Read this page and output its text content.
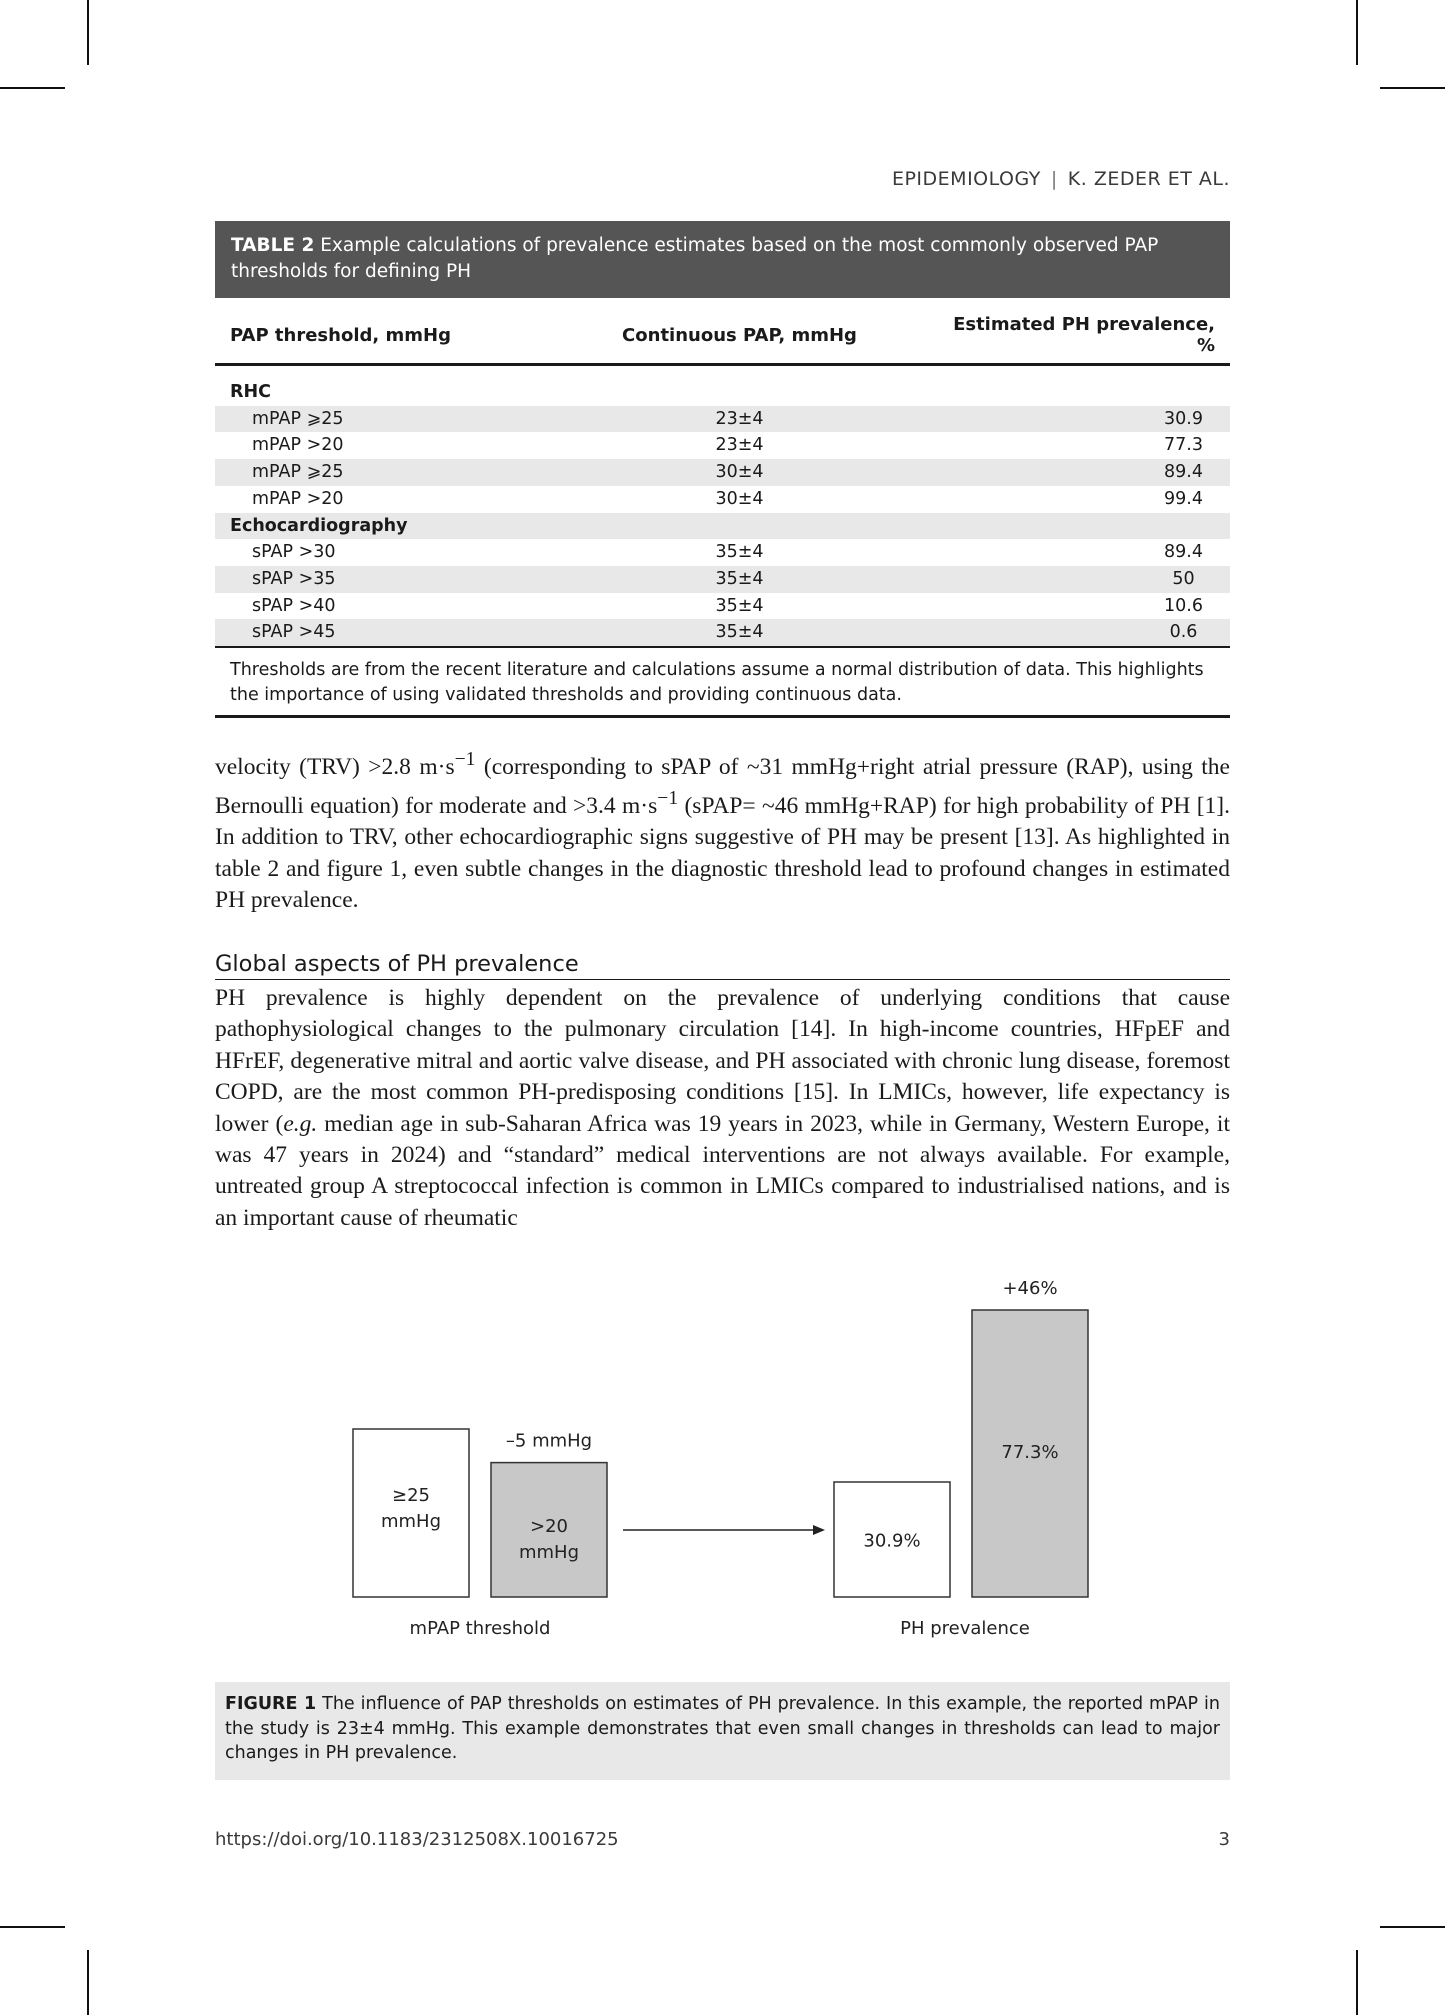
EPIDEMIOLOGY | K. ZEDER ET AL.
TABLE 2 Example calculations of prevalence estimates based on the most commonly observed PAP thresholds for defining PH
PAP threshold, mmHg	Continuous PAP, mmHg	Estimated PH prevalence, %

RHC		
mPAP ⩾25	23±4	30.9
mPAP >20	23±4	77.3
mPAP ⩾25	30±4	89.4
mPAP >20	30±4	99.4
Echocardiography		
sPAP >30	35±4	89.4
sPAP >35	35±4	50
sPAP >40	35±4	10.6
sPAP >45	35±4	0.6
Thresholds are from the recent literature and calculations assume a normal distribution of data. This highlights the importance of using validated thresholds and providing continuous data.

velocity (TRV) >2.8 $m\cdot s^{-1}$ (corresponding to sPAP of ~31 mmHg+right atrial pressure (RAP), using the Bernoulli equation) for moderate and >3.4 $m\cdot s^{-1}$ (sPAP= ~46 mmHg+RAP) for high probability of PH [1]. In addition to TRV, other echocardiographic signs suggestive of PH may be present [13]. As highlighted in table 2 and figure 1, even subtle changes in the diagnostic threshold lead to profound changes in estimated PH prevalence.

Global aspects of PH prevalence

PH prevalence is highly dependent on the prevalence of underlying conditions that cause pathophysiological changes to the pulmonary circulation [14]. In high-income countries, HFpEF and HFrEF, degenerative mitral and aortic valve disease, and PH associated with chronic lung disease, foremost COPD, are the most common PH-predisposing conditions [15]. In LMICs, however, life expectancy is lower (e.g. median age in sub-Saharan Africa was 19 years in 2023, while in Germany, Western Europe, it was 47 years in 2024) and “standard” medical interventions are not always available. For example, untreated group A streptococcal infection is common in LMICs compared to industrialised nations, and is an important cause of rheumatic

≥25
mmHg	>20
mmHg
–5 mmHg
mPAP threshold
30.9%
77.3%
+46%
PH prevalence
FIGURE 1 The influence of PAP thresholds on estimates of PH prevalence. In this example, the reported mPAP in the study is 23±4 mmHg. This example demonstrates that even small changes in thresholds can lead to major changes in PH prevalence.
https://doi.org/10.1183/2312508X.10016725	3
